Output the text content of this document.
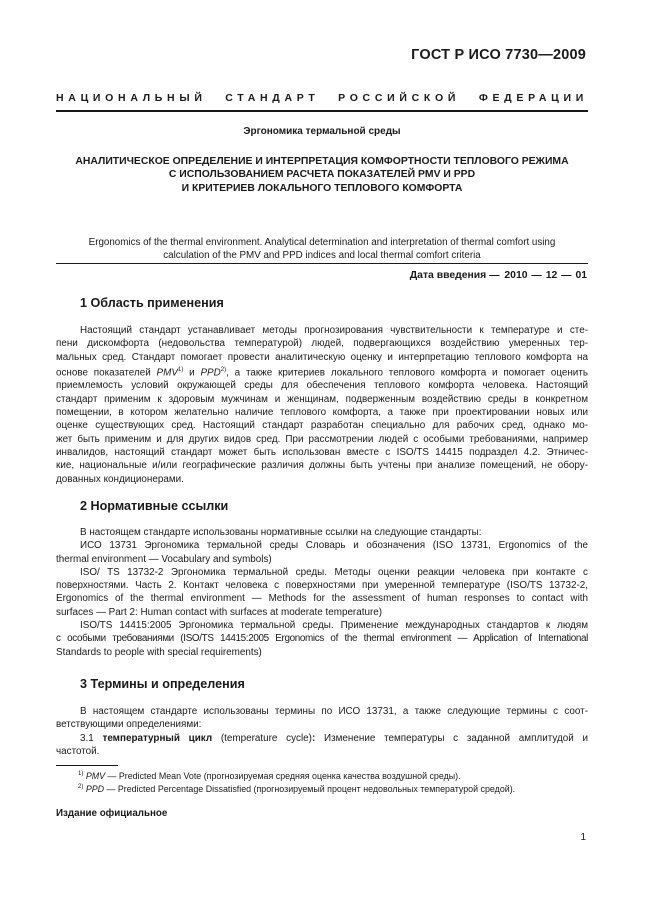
ГОСТ Р ИСО 7730—2009
НАЦИОНАЛЬНЫЙ СТАНДАРТ РОССИЙСКОЙ ФЕДЕРАЦИИ
Эргономика термальной среды
АНАЛИТИЧЕСКОЕ ОПРЕДЕЛЕНИЕ И ИНТЕРПРЕТАЦИЯ КОМФОРТНОСТИ ТЕПЛОВОГО РЕЖИМА
С ИСПОЛЬЗОВАНИЕМ РАСЧЕТА ПОКАЗАТЕЛЕЙ PMV И PPD
И КРИТЕРИЕВ ЛОКАЛЬНОГО ТЕПЛОВОГО КОМФОРТА
Ergonomics of the thermal environment. Analytical determination and interpretation of thermal comfort using
calculation of the PMV and PPD indices and local thermal comfort criteria
Дата введения — 2010 — 12 — 01
1 Область применения
Настоящий стандарт устанавливает методы прогнозирования чувствительности к температуре и сте-
пени дискомфорта (недовольства температурой) людей, подвергающихся воздействию умеренных тер-
мальных сред. Стандарт помогает провести аналитическую оценку и интерпретацию теплового комфорта на
основе показателей PMV$^{1)}$ и PPD$^{2)}$, а также критериев локального теплового комфорта и помогает оценить
приемлемость условий окружающей среды для обеспечения теплового комфорта человека. Настоящий
стандарт применим к здоровым мужчинам и женщинам, подверженным воздействию среды в конкретном
помещении, в котором желательно наличие теплового комфорта, а также при проектировании новых или
оценке существующих сред. Настоящий стандарт разработан специально для рабочих сред, однако мо-
жет быть применим и для других видов сред. При рассмотрении людей с особыми требованиями, например
инвалидов, настоящий стандарт может быть использован вместе с ISO/TS 14415 подраздел 4.2. Этничес-
кие, национальные и/или географические различия должны быть учтены при анализе помещений, не обору-
дованных кондиционерами.
2 Нормативные ссылки
В настоящем стандарте использованы нормативные ссылки на следующие стандарты:
ИСО 13731 Эргономика термальной среды Словарь и обозначения (ISO 13731, Ergonomics of the
thermal environment — Vocabulary and symbols)
ISO/ TS 13732-2 Эргономика термальной среды. Методы оценки реакции человека при контакте с
поверхностями. Часть 2. Контакт человека с поверхностями при умеренной температуре (ISO/TS 13732-2,
Ergonomics of the thermal environment — Methods for the assessment of human responses to contact with
surfaces — Part 2: Human contact with surfaces at moderate temperature)
ISO/TS 14415:2005 Эргономика термальной среды. Применение международных стандартов к людям
с особыми требованиями (ISO/TS 14415:2005 Ergonomics of the thermal environment — Application of International
Standards to people with special requirements)
3 Термины и определения
В настоящем стандарте использованы термины по ИСО 13731, а также следующие термины с соот-
ветствующими определениями:
3.1 температурный цикл (temperature cycle): Изменение температуры с заданной амплитудой и
частотой.
$^{1)}$ PMV — Predicted Mean Vote (прогнозируемая средняя оценка качества воздушной среды).
$^{2)}$ PPD — Predicted Percentage Dissatisfied (прогнозируемый процент недовольных температурой средой).
Издание официальное
1
